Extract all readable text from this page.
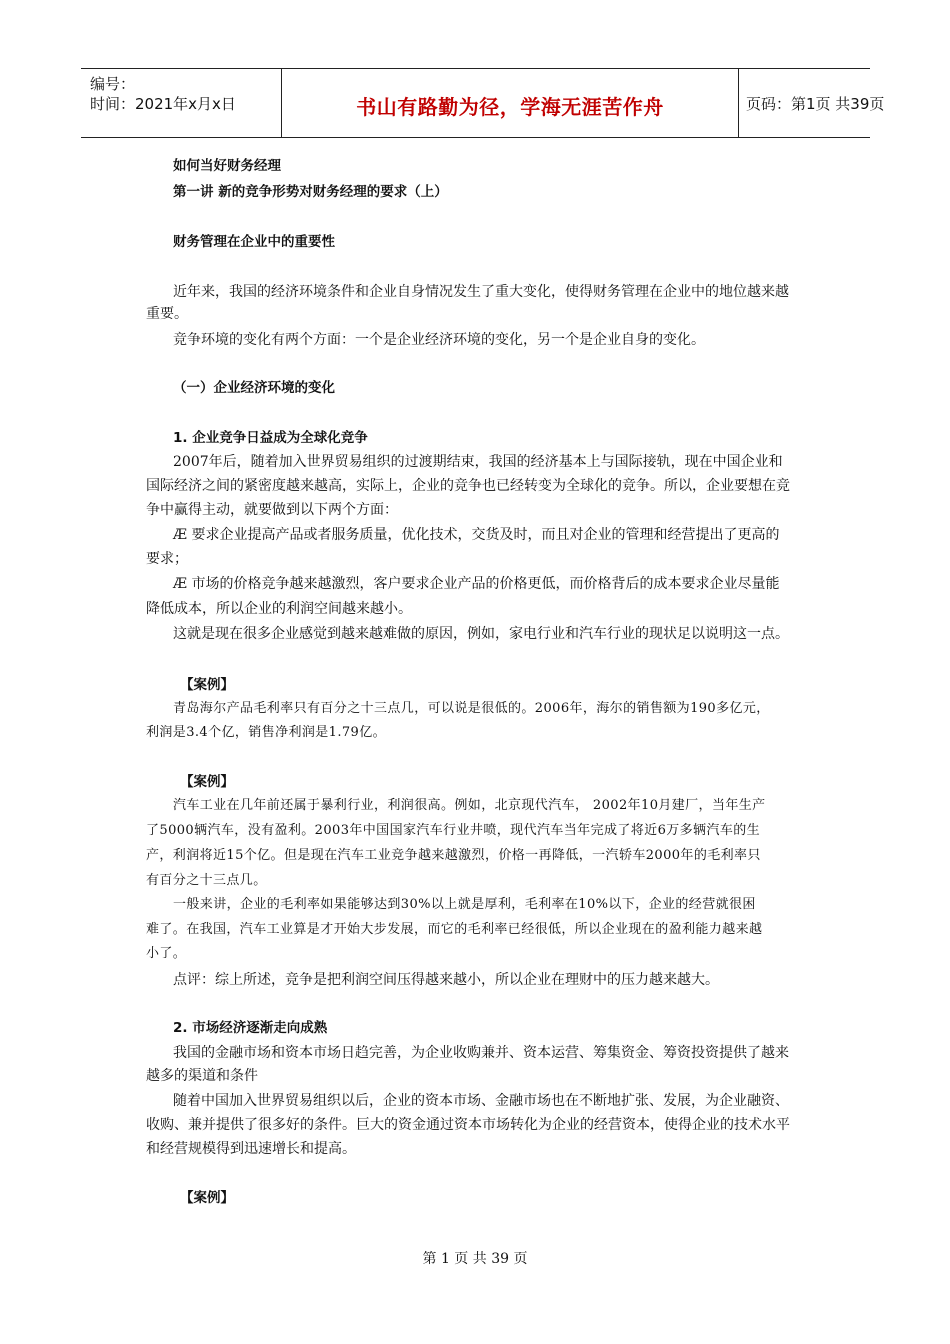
编号：
时间：2021年x月x日	书山有路勤为径，学海无涯苦作舟	页码：第1页 共39页
如何当好财务经理
第一讲 新的竞争形势对财务经理的要求（上）
财务管理在企业中的重要性
近年来，我国的经济环境条件和企业自身情况发生了重大变化，使得财务管理在企业中的地位越来越
重要。
竞争环境的变化有两个方面：一个是企业经济环境的变化，另一个是企业自身的变化。
（一）企业经济环境的变化
1. 企业竞争日益成为全球化竞争
2007年后，随着加入世界贸易组织的过渡期结束，我国的经济基本上与国际接轨，现在中国企业和
国际经济之间的紧密度越来越高，实际上，企业的竞争也已经转变为全球化的竞争。所以，企业要想在竞
争中赢得主动，就要做到以下两个方面：
Æ 要求企业提高产品或者服务质量，优化技术，交货及时，而且对企业的管理和经营提出了更高的
要求；
Æ 市场的价格竞争越来越激烈，客户要求企业产品的价格更低，而价格背后的成本要求企业尽量能
降低成本，所以企业的利润空间越来越小。
这就是现在很多企业感觉到越来越难做的原因，例如，家电行业和汽车行业的现状足以说明这一点。
【案例】
青岛海尔产品毛利率只有百分之十三点几，可以说是很低的。2006年，海尔的销售额为190多亿元，
利润是3.4个亿，销售净利润是1.79亿。
【案例】
汽车工业在几年前还属于暴利行业，利润很高。例如，北京现代汽车， 2002年10月建厂，当年生产
了5000辆汽车，没有盈利。2003年中国国家汽车行业井喷，现代汽车当年完成了将近6万多辆汽车的生
产，利润将近15个亿。但是现在汽车工业竞争越来越激烈，价格一再降低，一汽轿车2000年的毛利率只
有百分之十三点几。
一般来讲，企业的毛利率如果能够达到30%以上就是厚利，毛利率在10%以下，企业的经营就很困
难了。在我国，汽车工业算是才开始大步发展，而它的毛利率已经很低，所以企业现在的盈利能力越来越
小了。
点评：综上所述，竞争是把利润空间压得越来越小，所以企业在理财中的压力越来越大。
2. 市场经济逐渐走向成熟
我国的金融市场和资本市场日趋完善，为企业收购兼并、资本运营、筹集资金、筹资投资提供了越来
越多的渠道和条件
随着中国加入世界贸易组织以后，企业的资本市场、金融市场也在不断地扩张、发展，为企业融资、
收购、兼并提供了很多好的条件。巨大的资金通过资本市场转化为企业的经营资本，使得企业的技术水平
和经营规模得到迅速增长和提高。
【案例】
第 1 页 共 39 页
